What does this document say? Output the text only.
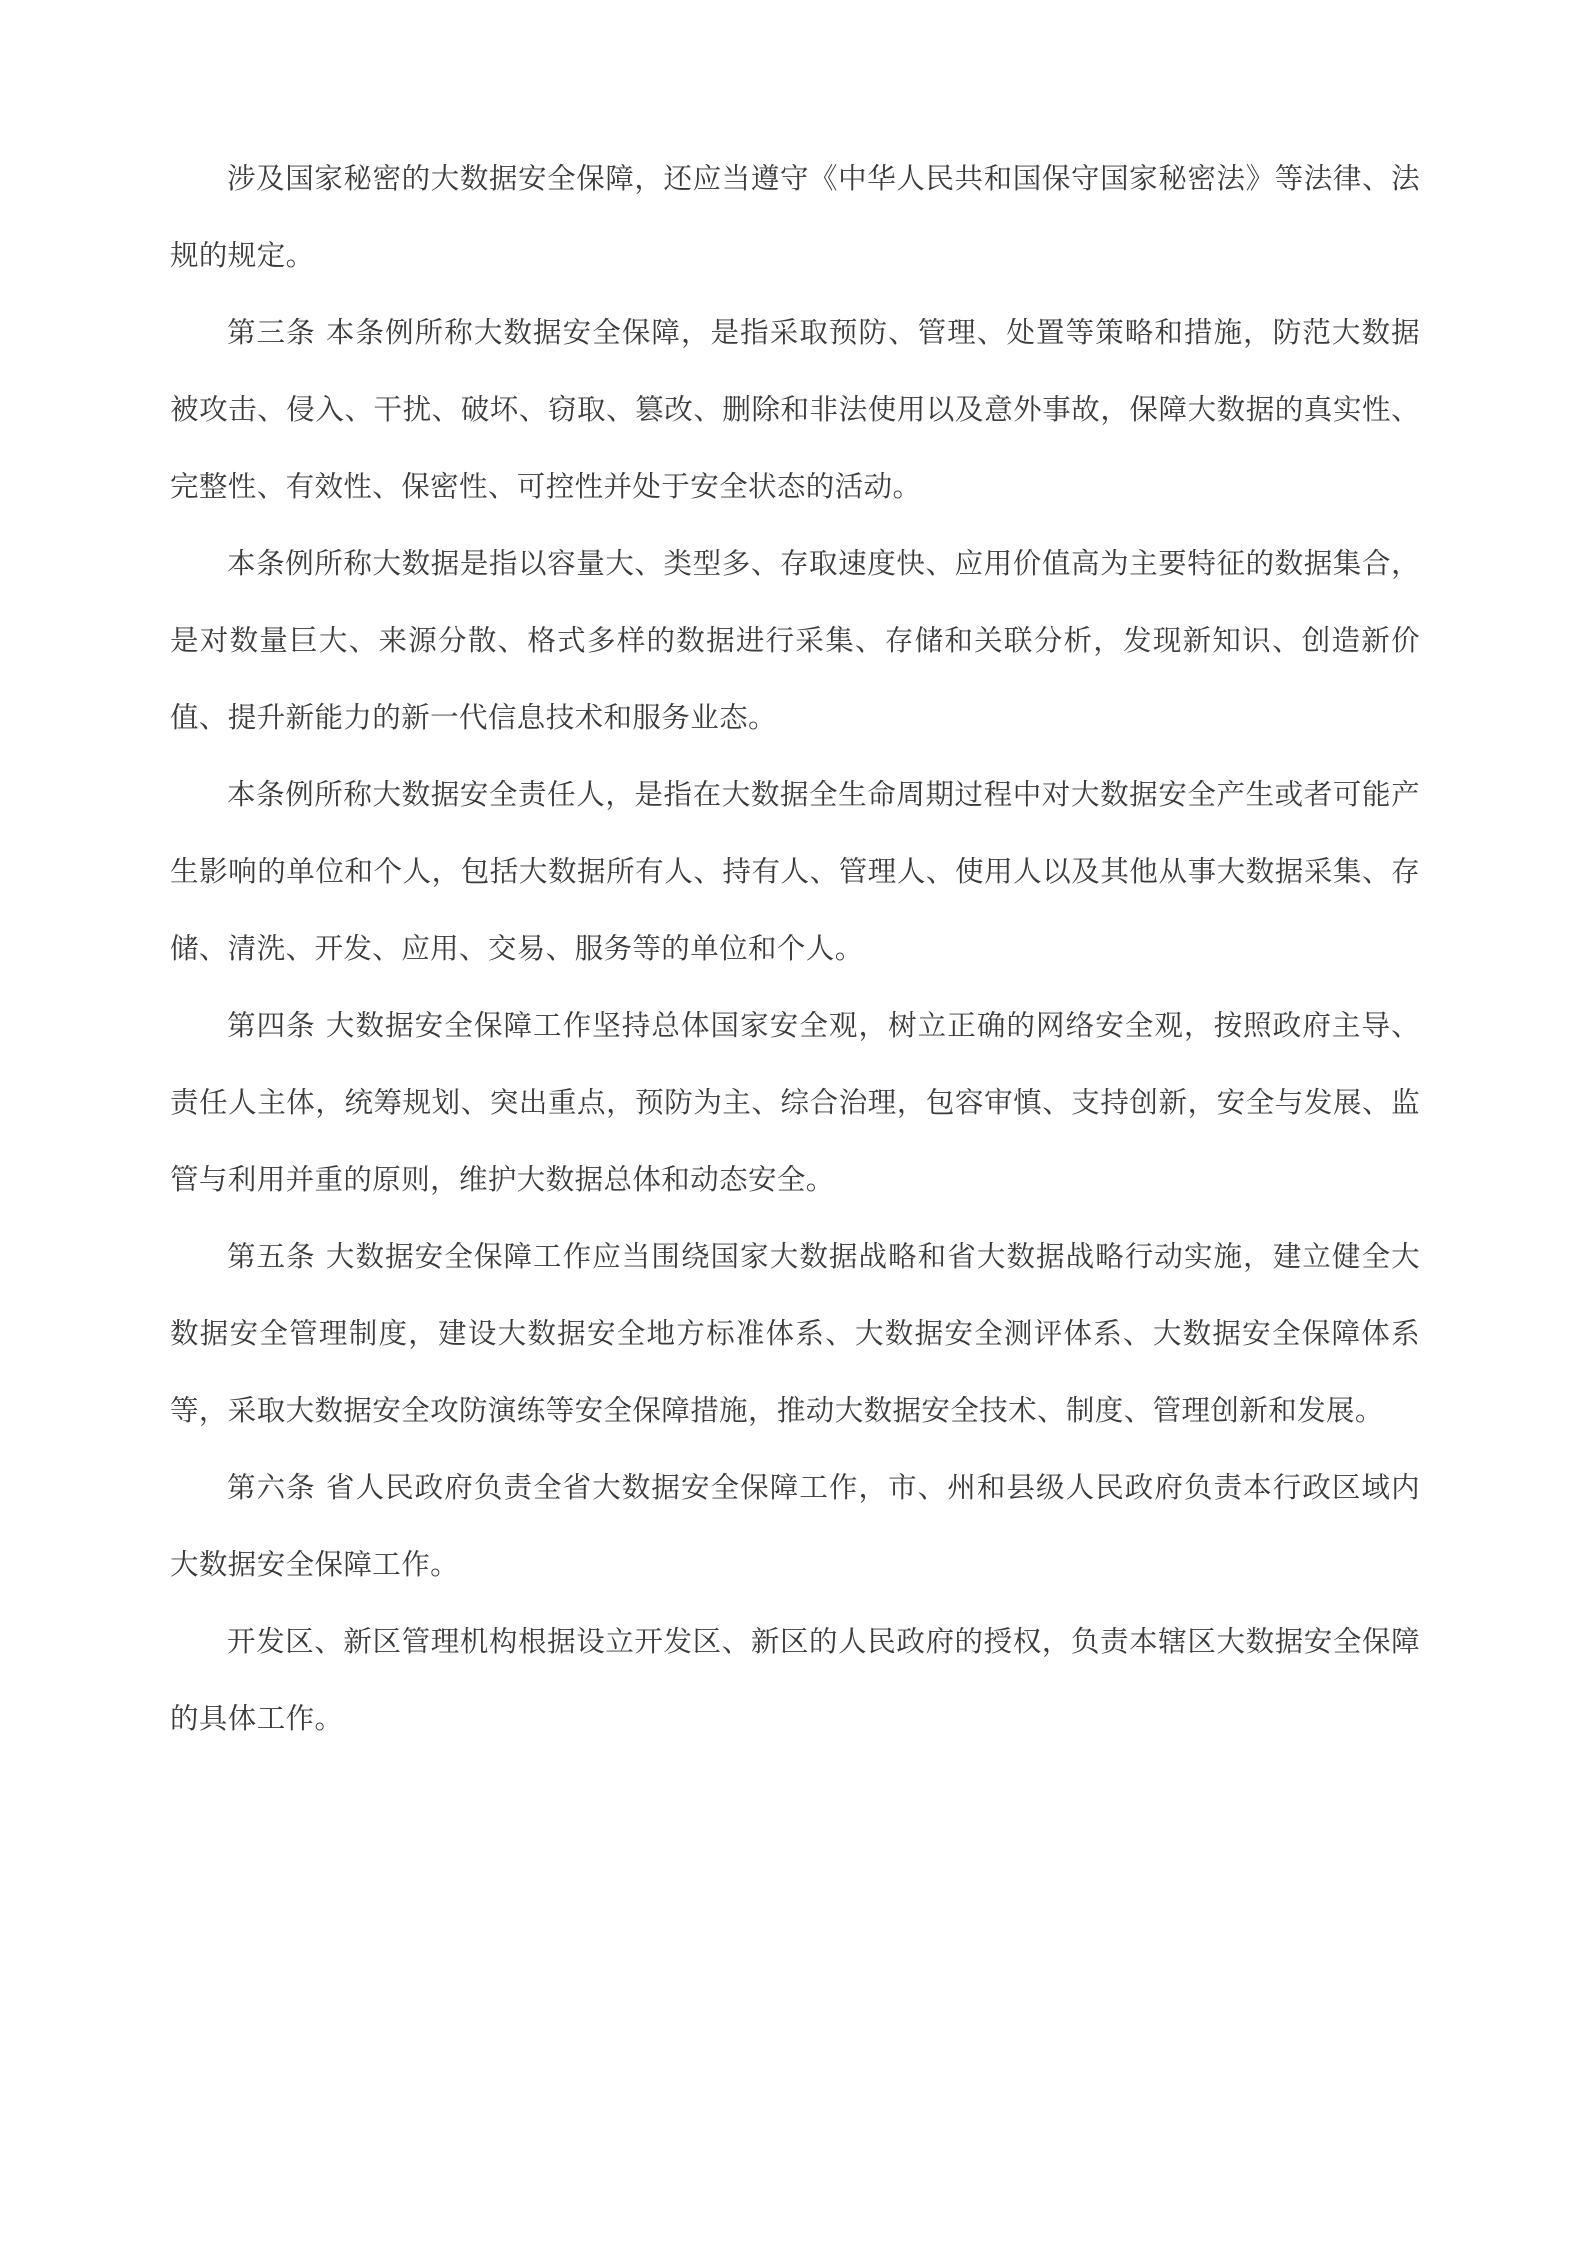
涉及国家秘密的大数据安全保障，还应当遵守《中华人民共和国保守国家秘密法》等法律、法规的规定。

第三条 本条例所称大数据安全保障，是指采取预防、管理、处置等策略和措施，防范大数据被攻击、侵入、干扰、破坏、窃取、篡改、删除和非法使用以及意外事故，保障大数据的真实性、完整性、有效性、保密性、可控性并处于安全状态的活动。

本条例所称大数据是指以容量大、类型多、存取速度快、应用价值高为主要特征的数据集合，是对数量巨大、来源分散、格式多样的数据进行采集、存储和关联分析，发现新知识、创造新价值、提升新能力的新一代信息技术和服务业态。

本条例所称大数据安全责任人，是指在大数据全生命周期过程中对大数据安全产生或者可能产生影响的单位和个人，包括大数据所有人、持有人、管理人、使用人以及其他从事大数据采集、存储、清洗、开发、应用、交易、服务等的单位和个人。

第四条 大数据安全保障工作坚持总体国家安全观，树立正确的网络安全观，按照政府主导、责任人主体，统筹规划、突出重点，预防为主、综合治理，包容审慎、支持创新，安全与发展、监管与利用并重的原则，维护大数据总体和动态安全。

第五条 大数据安全保障工作应当围绕国家大数据战略和省大数据战略行动实施，建立健全大数据安全管理制度，建设大数据安全地方标准体系、大数据安全测评体系、大数据安全保障体系等，采取大数据安全攻防演练等安全保障措施，推动大数据安全技术、制度、管理创新和发展。

第六条 省人民政府负责全省大数据安全保障工作，市、州和县级人民政府负责本行政区域内大数据安全保障工作。

开发区、新区管理机构根据设立开发区、新区的人民政府的授权，负责本辖区大数据安全保障的具体工作。
